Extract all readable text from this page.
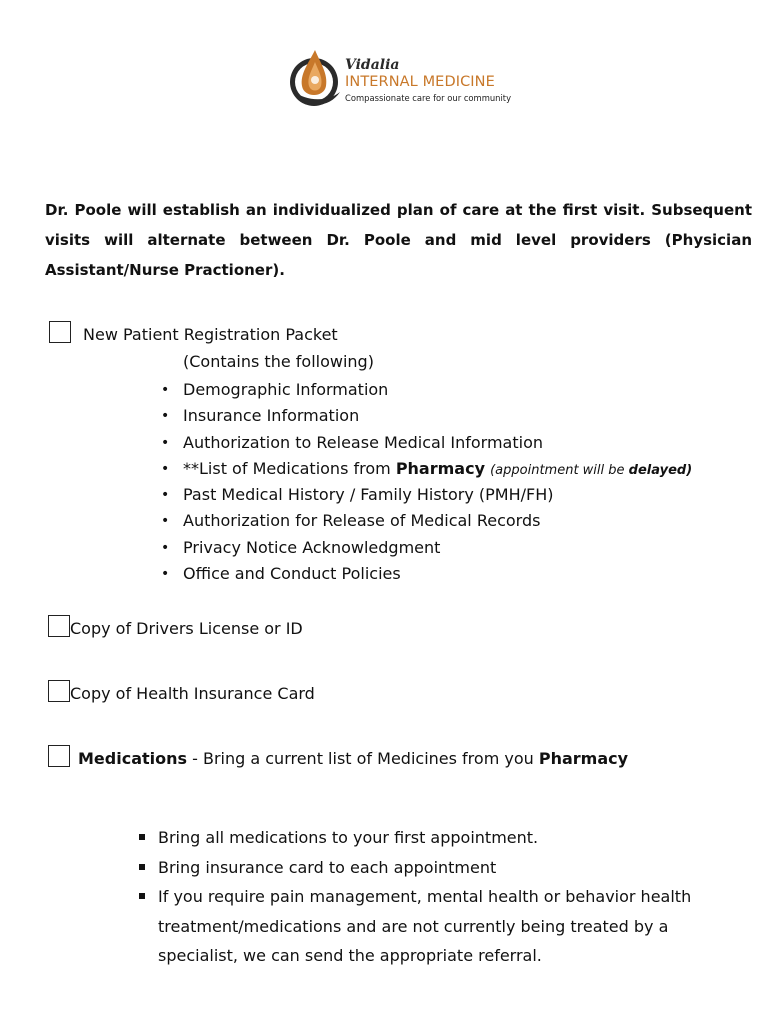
Vidalia
INTERNAL MEDICINE
Compassionate care for our community
Dr. Poole will establish an individualized plan of care at the first visit. Subsequent visits will alternate between Dr. Poole and mid level providers (Physician Assistant/Nurse Practioner).
New Patient Registration Packet
(Contains the following)
• Demographic Information
• Insurance Information
• Authorization to Release Medical Information
• **List of Medications from Pharmacy (appointment will be delayed)
• Past Medical History / Family History (PMH/FH)
• Authorization for Release of Medical Records
• Privacy Notice Acknowledgment
• Office and Conduct Policies
Copy of Drivers License or ID
Copy of Health Insurance Card
Medications - Bring a current list of Medicines from you Pharmacy
Bring all medications to your first appointment.
Bring insurance card to each appointment
If you require pain management, mental health or behavior health treatment/medications and are not currently being treated by a specialist, we can send the appropriate referral.
